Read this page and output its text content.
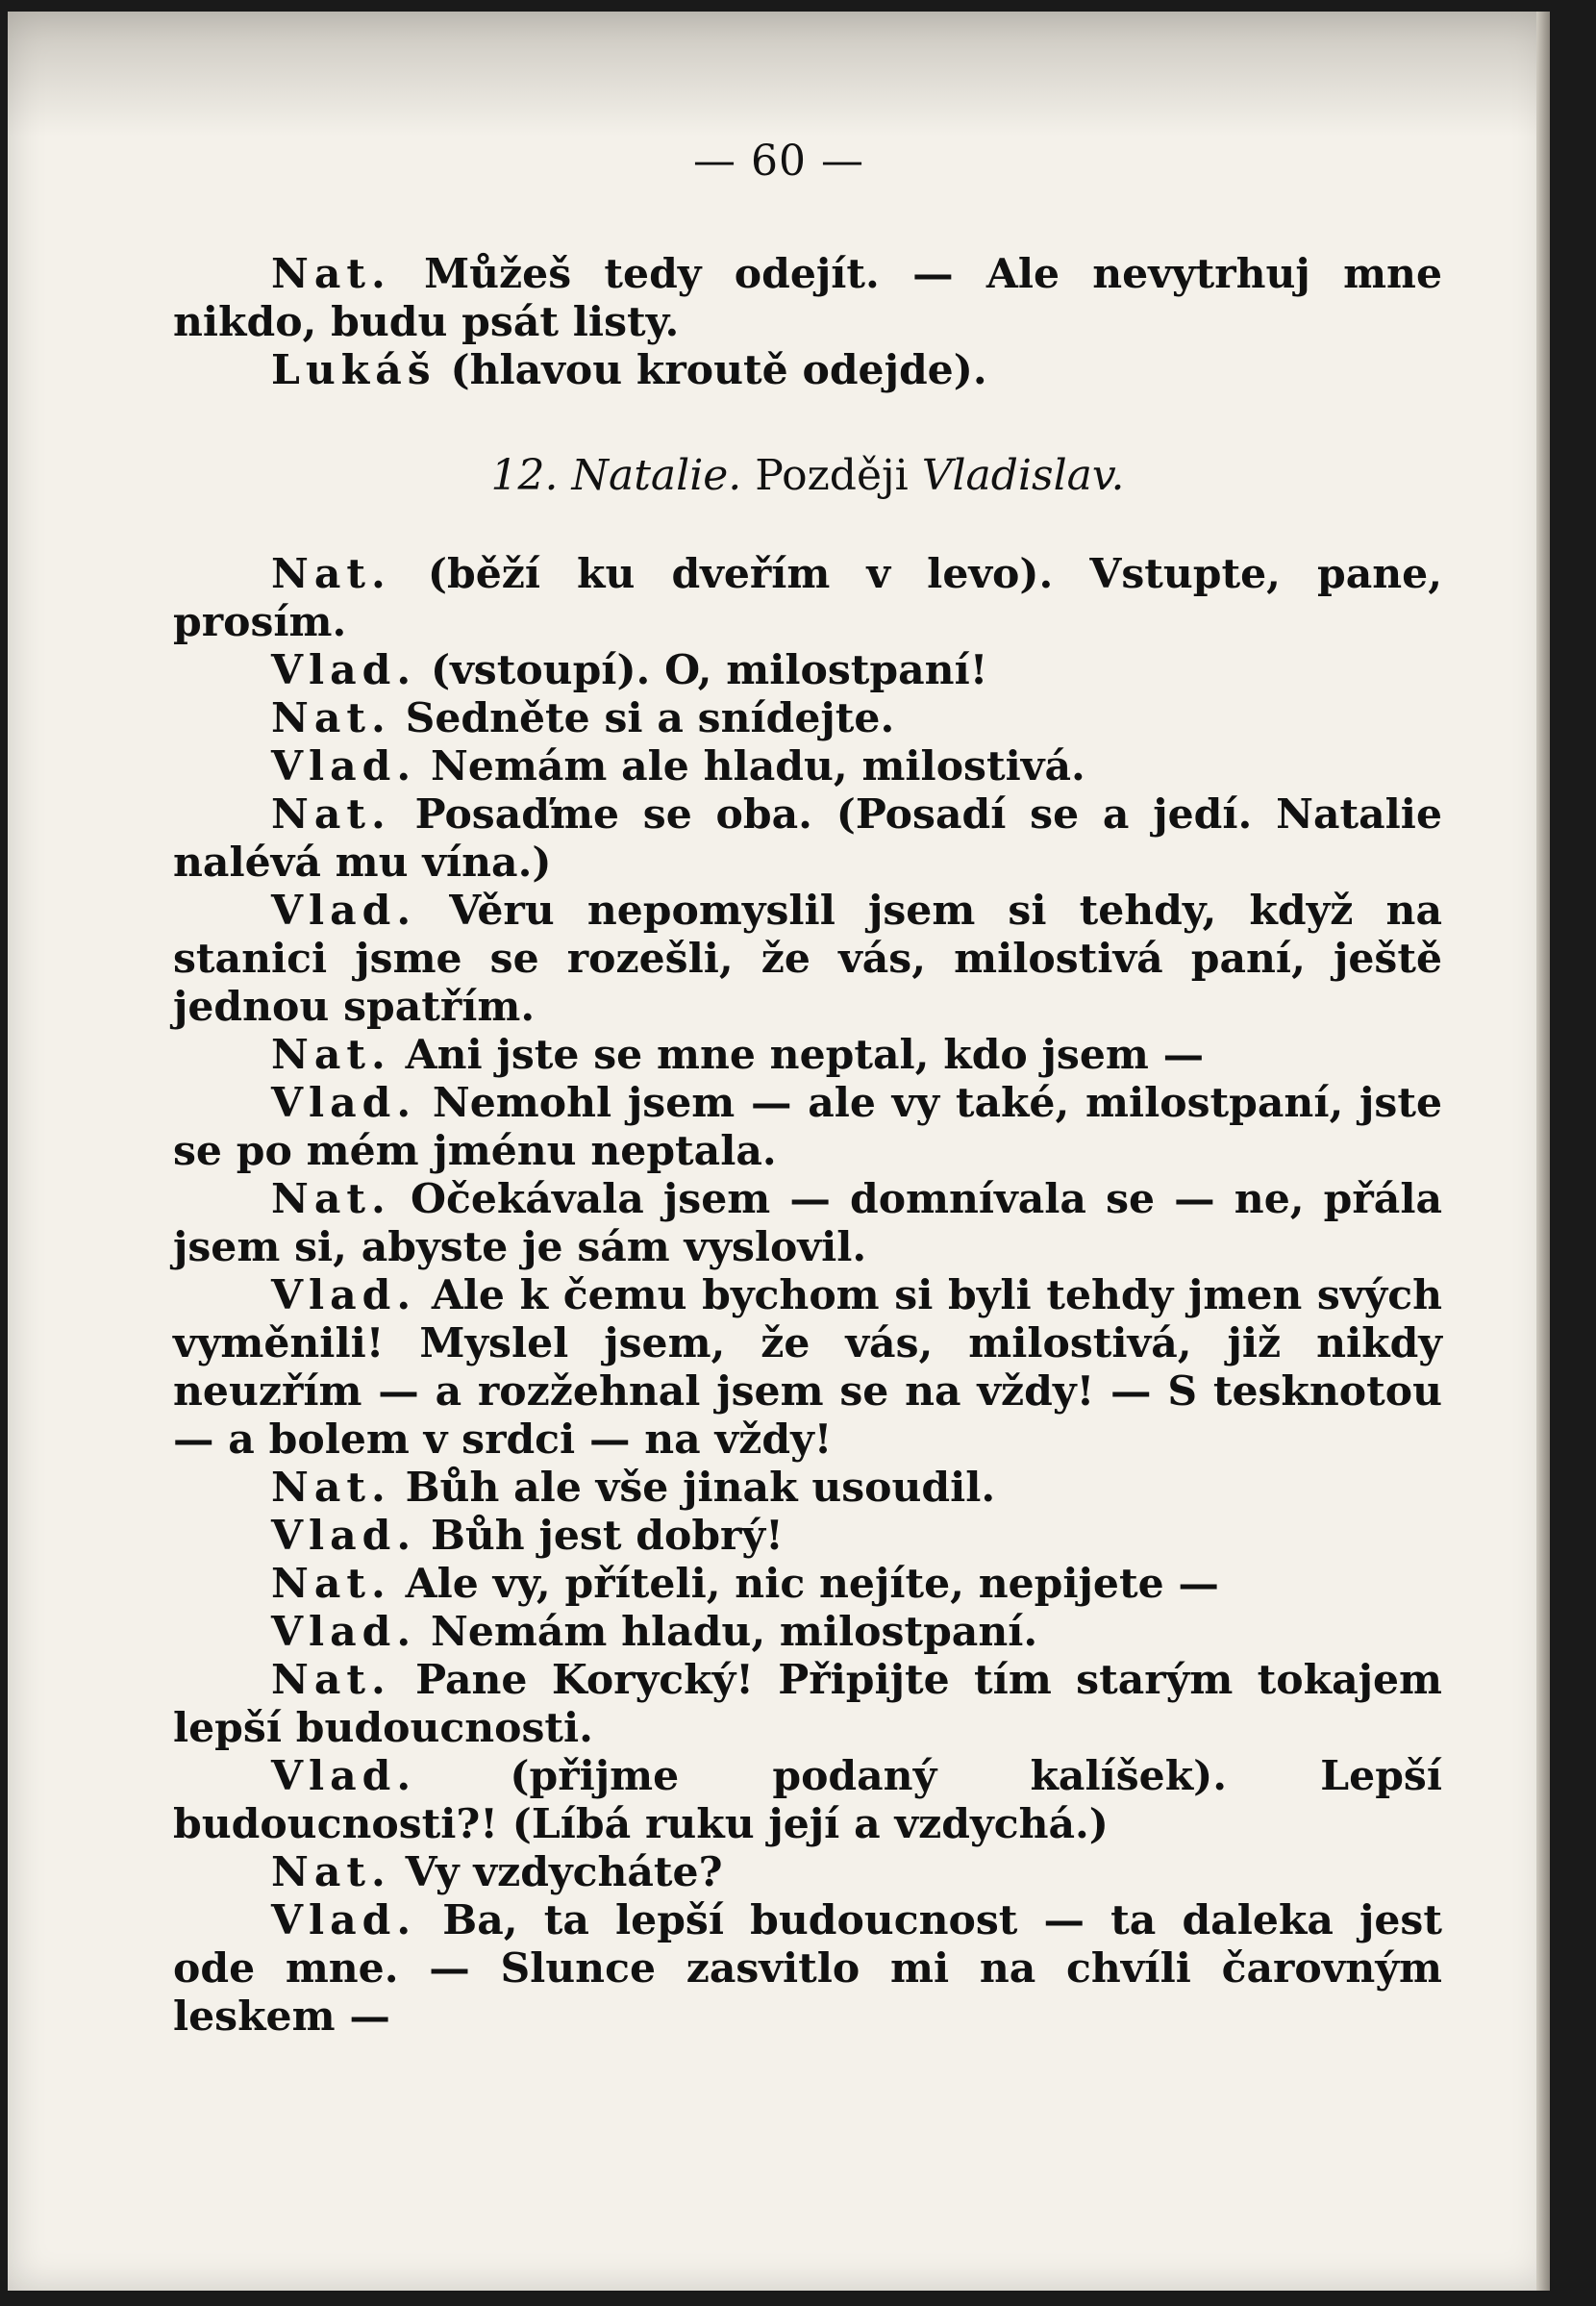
— 60 —

Nat. Můžeš tedy odejít. — Ale nevytrhuj mne nikdo, budu psát listy.

Lukáš (hlavou kroutě odejde).

12. Natalie. Později Vladislav.

Nat. (běží ku dveřím v levo). Vstupte, pane, prosím.

Vlad. (vstoupí). O, milostpaní!

Nat. Sedněte si a snídejte.

Vlad. Nemám ale hladu, milostivá.

Nat. Posaďme se oba. (Posadí se a jedí. Natalie nalévá mu vína.)

Vlad. Věru nepomyslil jsem si tehdy, když na stanici jsme se rozešli, že vás, milostivá paní, ještě jednou spatřím.

Nat. Ani jste se mne neptal, kdo jsem —

Vlad. Nemohl jsem — ale vy také, milostpaní, jste se po mém jménu neptala.

Nat. Očekávala jsem — domnívala se — ne, přála jsem si, abyste je sám vyslovil.

Vlad. Ale k čemu bychom si byli tehdy jmen svých vyměnili! Myslel jsem, že vás, milostivá, již nikdy neuzřím — a rozžehnal jsem se na vždy! — S tesknotou — a bolem v srdci — na vždy!

Nat. Bůh ale vše jinak usoudil.

Vlad. Bůh jest dobrý!

Nat. Ale vy, příteli, nic nejíte, nepijete —

Vlad. Nemám hladu, milostpaní.

Nat. Pane Korycký! Připijte tím starým tokajem lepší budoucnosti.

Vlad. (přijme podaný kalíšek). Lepší budoucnosti?! (Líbá ruku její a vzdychá.)

Nat. Vy vzdycháte?

Vlad. Ba, ta lepší budoucnost — ta daleka jest ode mne. — Slunce zasvitlo mi na chvíli čarovným leskem —
